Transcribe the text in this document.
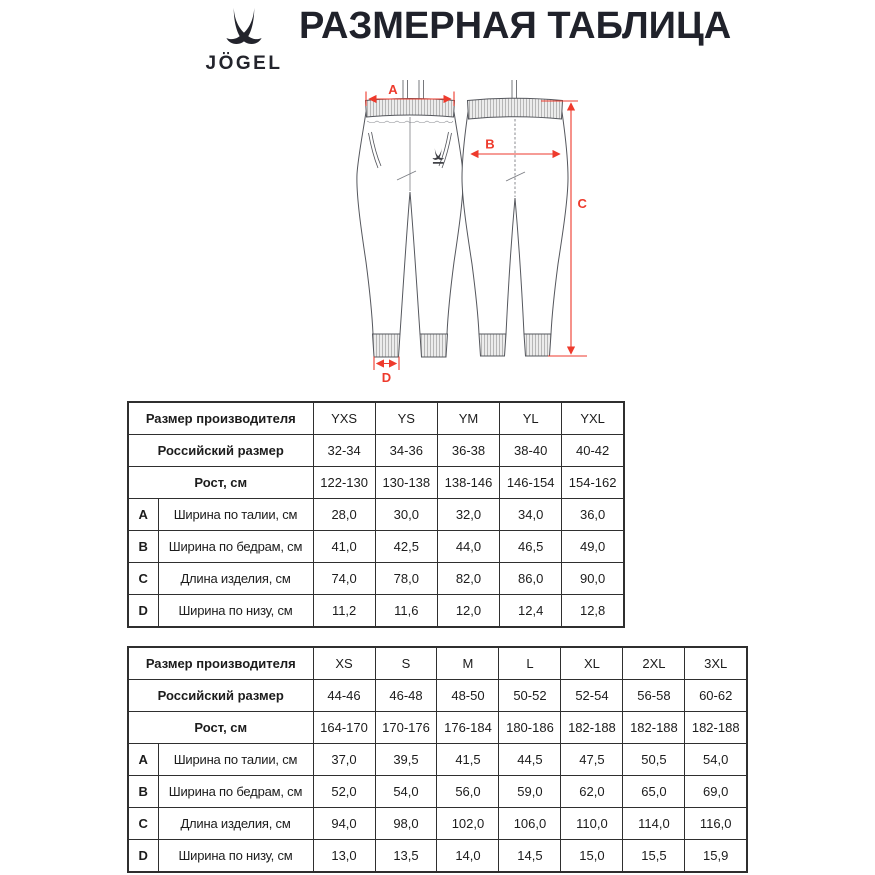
JÖGEL
РАЗМЕРНАЯ ТАБЛИЦА
A
B
C
D
Размер производителя		YXS	YS	YM	YL	YXL
Российский размер		32-34	34-36	36-38	38-40	40-42
Рост, см		122-130	130-138	138-146	146-154	154-162
A	Ширина по талии, см	28,0	30,0	32,0	34,0	36,0
B	Ширина по бедрам, см	41,0	42,5	44,0	46,5	49,0
C	Длина изделия, см	74,0	78,0	82,0	86,0	90,0
D	Ширина по низу, см	11,2	11,6	12,0	12,4	12,8
Размер производителя		XS	S	M	L	XL	2XL	3XL
Российский размер		44-46	46-48	48-50	50-52	52-54	56-58	60-62
Рост, см		164-170	170-176	176-184	180-186	182-188	182-188	182-188
A	Ширина по талии, см	37,0	39,5	41,5	44,5	47,5	50,5	54,0
B	Ширина по бедрам, см	52,0	54,0	56,0	59,0	62,0	65,0	69,0
C	Длина изделия, см	94,0	98,0	102,0	106,0	110,0	114,0	116,0
D	Ширина по низу, см	13,0	13,5	14,0	14,5	15,0	15,5	15,9
